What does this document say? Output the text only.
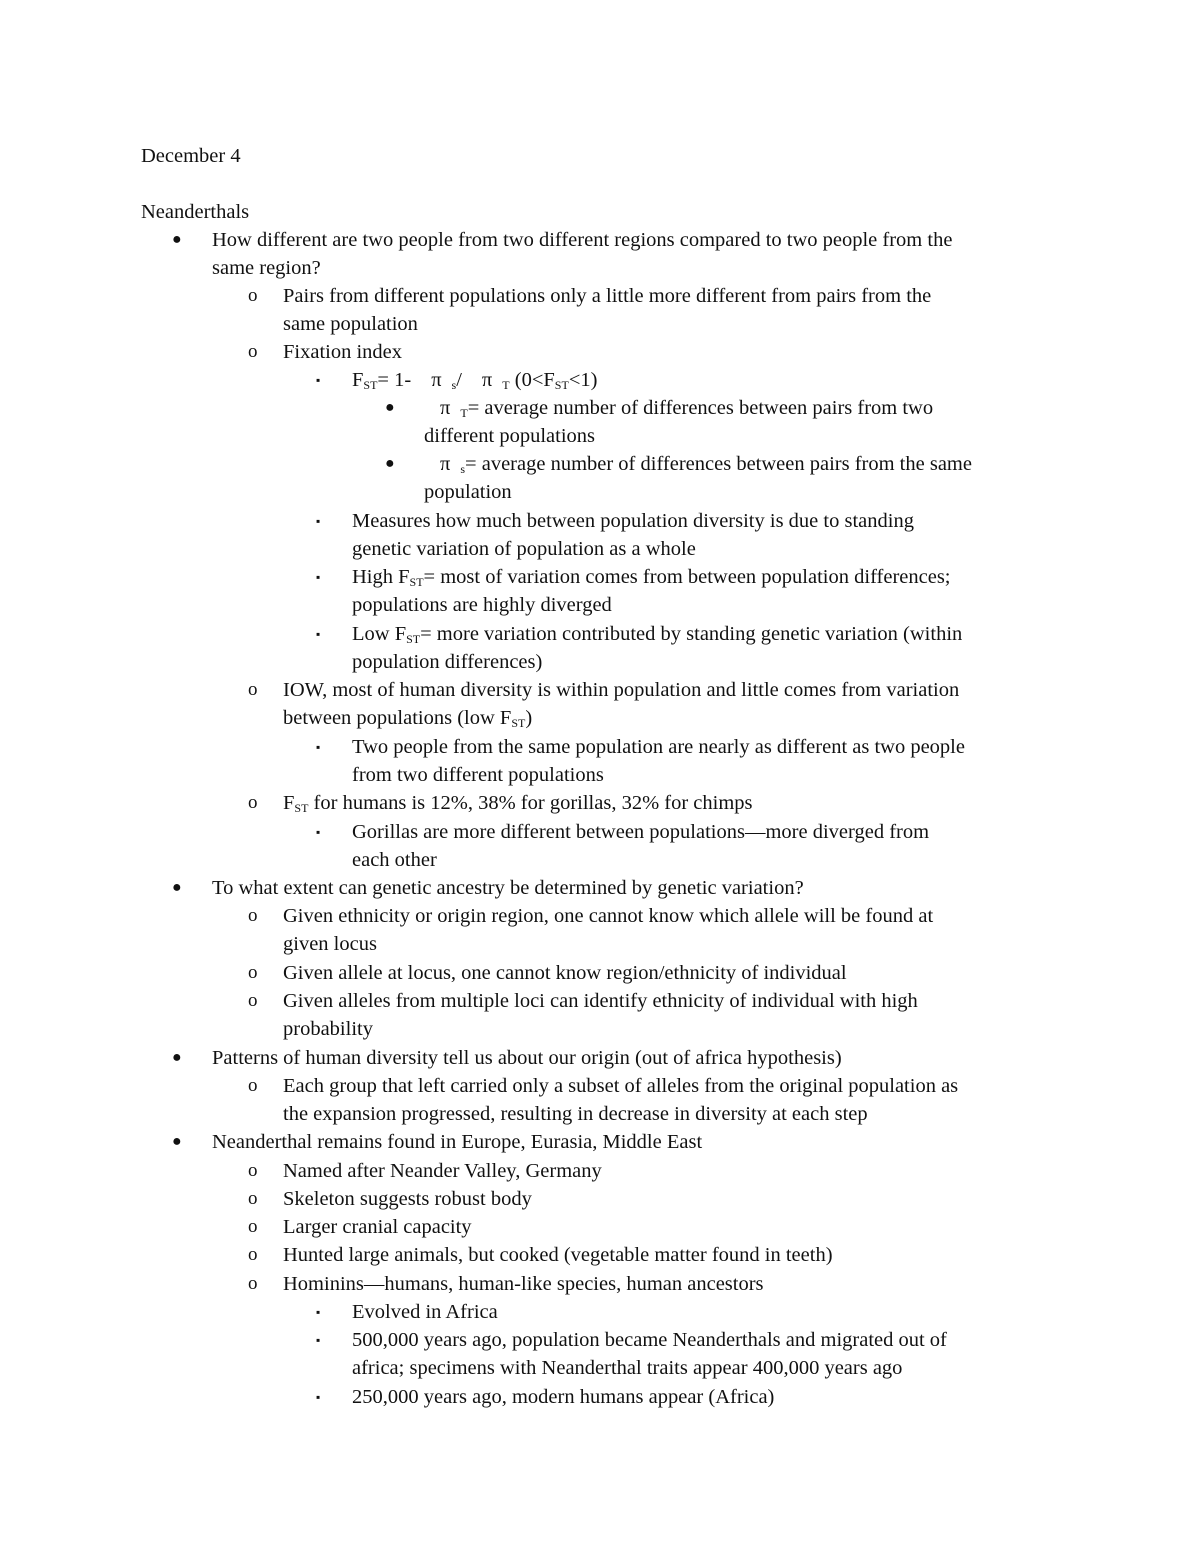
December 4
Neanderthals
● How different are two people from two different regions compared to two people from the
same region?
o Pairs from different populations only a little more different from pairs from the
same population
o Fixation index
▪ $F_{ST}= 1-$ π $_s$/ π $_T$ $(0<F_{ST}<1)$
● π $_T$= average number of differences between pairs from two
different populations
● π $_s$= average number of differences between pairs from the same
population
▪ Measures how much between population diversity is due to standing
genetic variation of population as a whole
▪ High $F_{ST}=$ most of variation comes from between population differences;
populations are highly diverged
▪ Low $F_{ST}=$ more variation contributed by standing genetic variation (within
population differences)
o IOW, most of human diversity is within population and little comes from variation
between populations (low $F_{ST}$)
▪ Two people from the same population are nearly as different as two people
from two different populations
o $F_{ST}$ for humans is 12%, 38% for gorillas, 32% for chimps
▪ Gorillas are more different between populations—more diverged from
each other
● To what extent can genetic ancestry be determined by genetic variation?
o Given ethnicity or origin region, one cannot know which allele will be found at
given locus
o Given allele at locus, one cannot know region/ethnicity of individual
o Given alleles from multiple loci can identify ethnicity of individual with high
probability
● Patterns of human diversity tell us about our origin (out of africa hypothesis)
o Each group that left carried only a subset of alleles from the original population as
the expansion progressed, resulting in decrease in diversity at each step
● Neanderthal remains found in Europe, Eurasia, Middle East
o Named after Neander Valley, Germany
o Skeleton suggests robust body
o Larger cranial capacity
o Hunted large animals, but cooked (vegetable matter found in teeth)
o Hominins—humans, human-like species, human ancestors
▪ Evolved in Africa
▪ 500,000 years ago, population became Neanderthals and migrated out of
africa; specimens with Neanderthal traits appear 400,000 years ago
▪ 250,000 years ago, modern humans appear (Africa)
